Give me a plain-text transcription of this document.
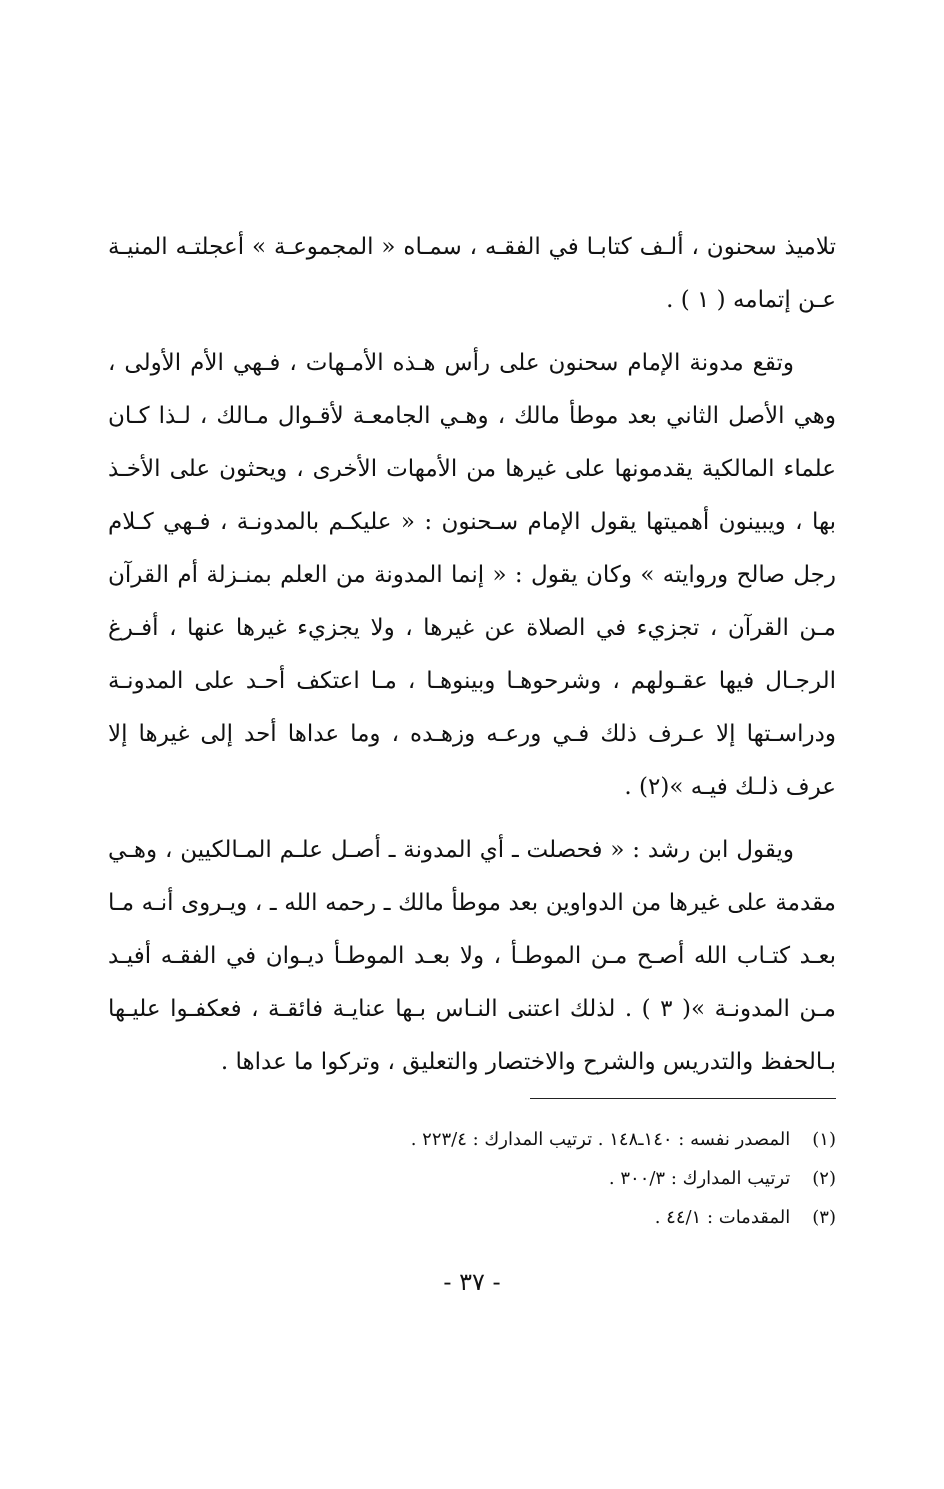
تلاميذ سحنون ، ألـف كتابـا في الفقـه ، سمـاه « المجموعـة » أعجلتـه المنيـة عـن إتمامه ( ١ ) .

وتقع مدونة الإمام سحنون على رأس هـذه الأمـهات ، فـهي الأم الأولى ، وهي الأصل الثاني بعد موطأ مالك ، وهـي الجامعـة لأقـوال مـالك ، لـذا كـان علماء المالكية يقدمونها على غيرها من الأمهات الأخرى ، ويحثون على الأخـذ بها ، ويبينون أهميتها يقول الإمام سـحنون : « عليكـم بالمدونـة ، فـهي كـلام رجل صالح وروايته » وكان يقول : « إنما المدونة من العلم بمنـزلة أم القرآن مـن القرآن ، تجزيء في الصلاة عن غيرها ، ولا يجزيء غيرها عنها ، أفـرغ الرجـال فيها عقـولهم ، وشرحوهـا وبينوهـا ، مـا اعتكف أحـد على المدونـة ودراسـتها إلا عـرف ذلك فـي ورعـه وزهـده ، وما عداها أحد إلى غيرها إلا عرف ذلـك فيـه »(٢) .

ويقول ابن رشد : « فحصلت ـ أي المدونة ـ أصـل علـم المـالكيين ، وهـي مقدمة على غيرها من الدواوين بعد موطأ مالك ـ رحمه الله ـ ، ويـروى أنـه مـا بعـد كتـاب الله أصـح مـن الموطـأ ، ولا بعـد الموطـأ ديـوان في الفقـه أفيـد مـن المدونـة »( ٣ ) . لذلك اعتنى النـاس بـها عنايـة فائقـة ، فعكفـوا عليـها بـالحفظ والتدريس والشرح والاختصار والتعليق ، وتركوا ما عداها .

(١) المصدر نفسه : ١٤٠ـ١٤٨ . ترتيب المدارك : ٢٢٣/٤ .
(٢) ترتيب المدارك : ٣٠٠/٣ .
(٣) المقدمات : ٤٤/١ .
- ٣٧ -
